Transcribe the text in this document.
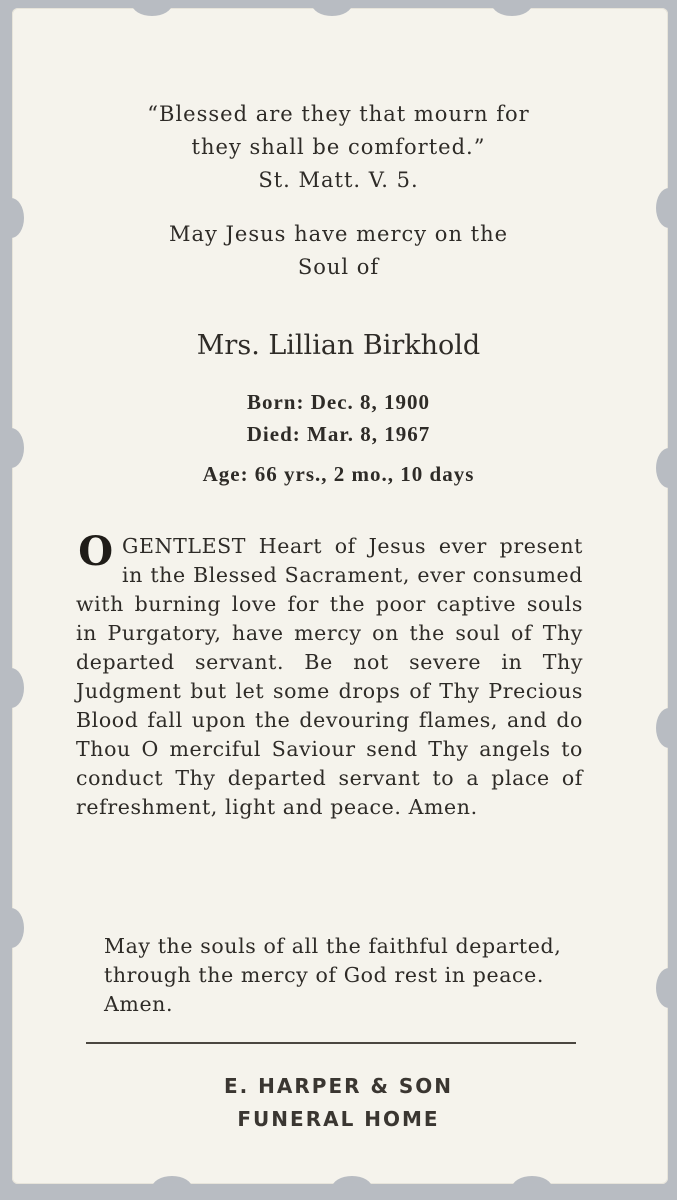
“Blessed are they that mourn for
they shall be comforted.”
St. Matt. V. 5.
May Jesus have mercy on the
Soul of
Mrs. Lillian Birkhold
Born: Dec. 8, 1900
Died: Mar. 8, 1967
Age: 66 yrs., 2 mo., 10 days

O GENTLEST Heart of Jesus ever present in the Blessed Sacrament, ever consumed with burning love for the poor captive souls in Purgatory, have mercy on the soul of Thy departed servant. Be not severe in Thy Judgment but let some drops of Thy Precious Blood fall upon the devouring flames, and do Thou O merciful Saviour send Thy angels to conduct Thy departed servant to a place of refreshment, light and peace. Amen.

May the souls of all the faithful departed, through the mercy of God rest in peace. Amen.

E. HARPER & SON

FUNERAL HOME
